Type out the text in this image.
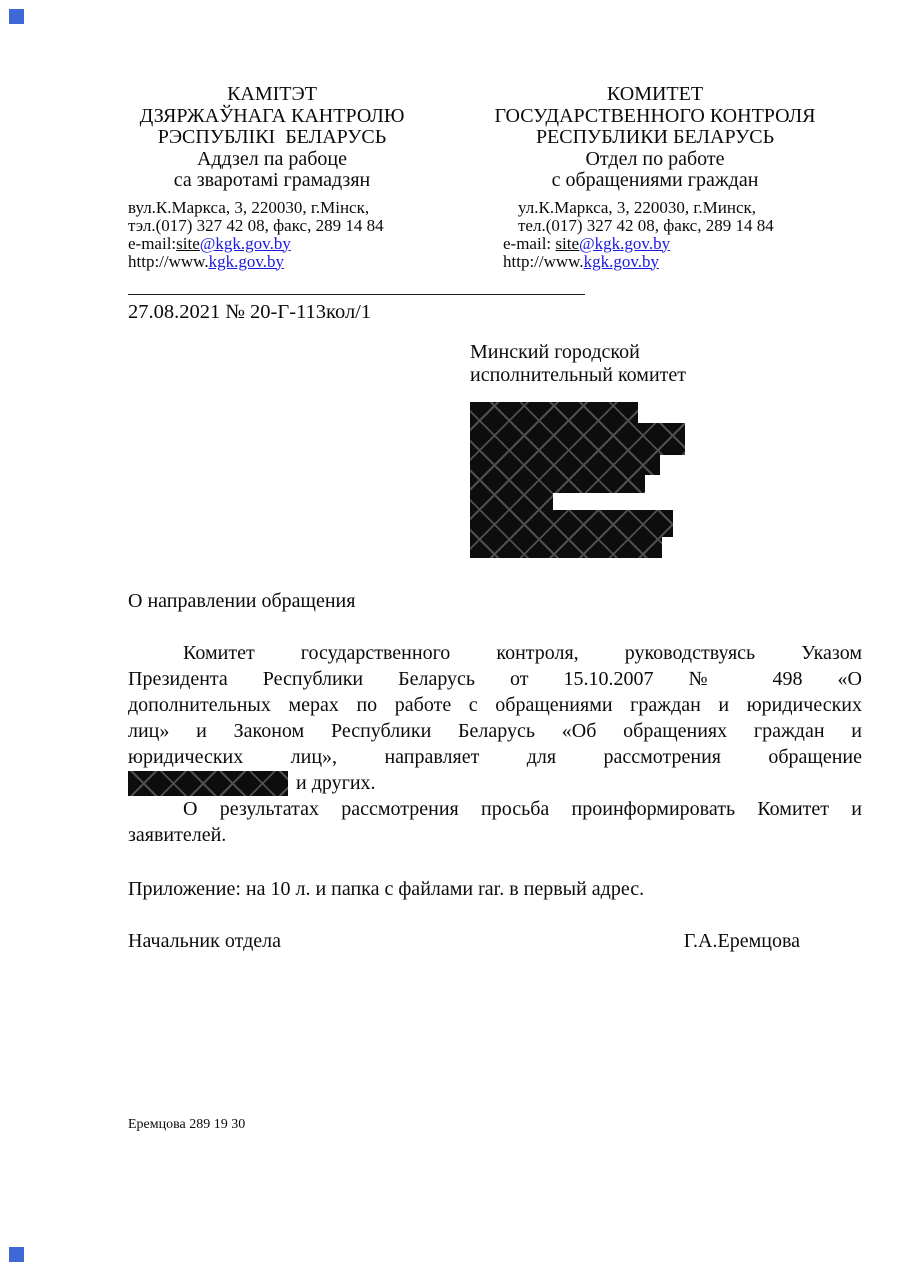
КАМІТЭТ
ДЗЯРЖАЎНАГА КАНТРОЛЮ
РЭСПУБЛІКІ  БЕЛАРУСЬ
Аддзел па рабоце
са зваротамі грамадзян
вул.К.Маркса, 3, 220030, г.Мінск,
тэл.(017) 327 42 08, факс, 289 14 84
e-mail:site@kgk.gov.by
http://www.kgk.gov.by
КОМИТЕТ
ГОСУДАРСТВЕННОГО КОНТРОЛЯ
РЕСПУБЛИКИ БЕЛАРУСЬ
Отдел по работе
с обращениями граждан
ул.К.Маркса, 3, 220030, г.Минск,
тел.(017) 327 42 08, факс, 289 14 84
e-mail: site@kgk.gov.by
http://www.kgk.gov.by
27.08.2021 № 20-Г-113кол/1
Минский городской
исполнительный комитет
О направлении обращения
Комитет государственного контроля, руководствуясь Указом
Президента Республики Беларусь от 15.10.2007 № 498 «О
дополнительных мерах по работе с обращениями граждан и юридических
лиц» и Законом Республики Беларусь «Об обращениях граждан и
юридических лиц», направляет для рассмотрения обращение
и других.
О результатах рассмотрения просьба проинформировать Комитет и
заявителей.
Приложение: на 10 л. и папка с файлами rar. в первый адрес.
Начальник отдела	Г.А.Еремцова
Еремцова 289 19 30
